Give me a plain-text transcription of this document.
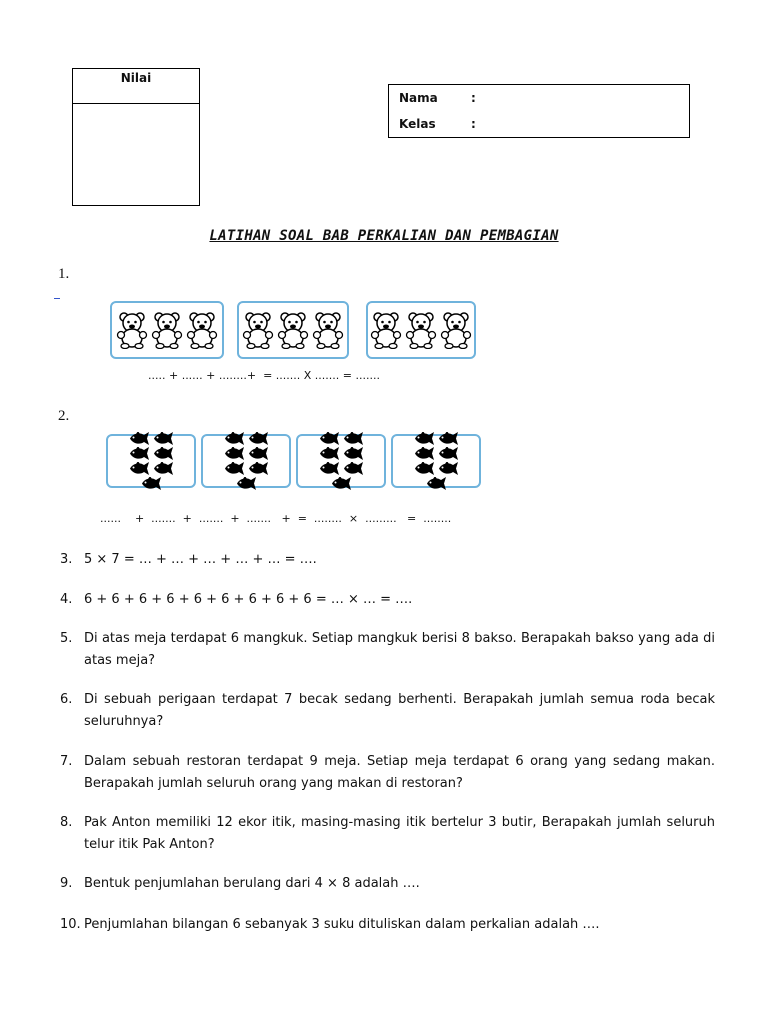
Nilai
Nama	:
Kelas	:
LATIHAN SOAL BAB PERKALIAN DAN PEMBAGIAN
1.
..... + ...... + ........+  = ....... X ....... = .......
2.
......    +  .......  +  .......  +  .......   +  =  ........  ×  .........   =  ........
3. 5 × 7 = … + … + … + … + … = ….
4. 6 + 6 + 6 + 6 + 6 + 6 + 6 + 6 + 6 = … × … = ….
5. Di atas meja terdapat 6 mangkuk. Setiap mangkuk berisi 8 bakso. Berapakah bakso yang ada di atas meja?
6. Di sebuah perigaan terdapat 7 becak sedang berhenti. Berapakah jumlah semua roda becak seluruhnya?
7. Dalam sebuah restoran terdapat 9 meja. Setiap meja terdapat 6 orang yang sedang makan. Berapakah jumlah seluruh orang yang makan di restoran?
8. Pak Anton memiliki 12 ekor itik, masing-masing itik bertelur 3 butir, Berapakah jumlah seluruh telur itik Pak Anton?
9. Bentuk penjumlahan berulang dari 4 × 8 adalah ….
10. Penjumlahan bilangan 6 sebanyak 3 suku dituliskan dalam perkalian adalah ….
